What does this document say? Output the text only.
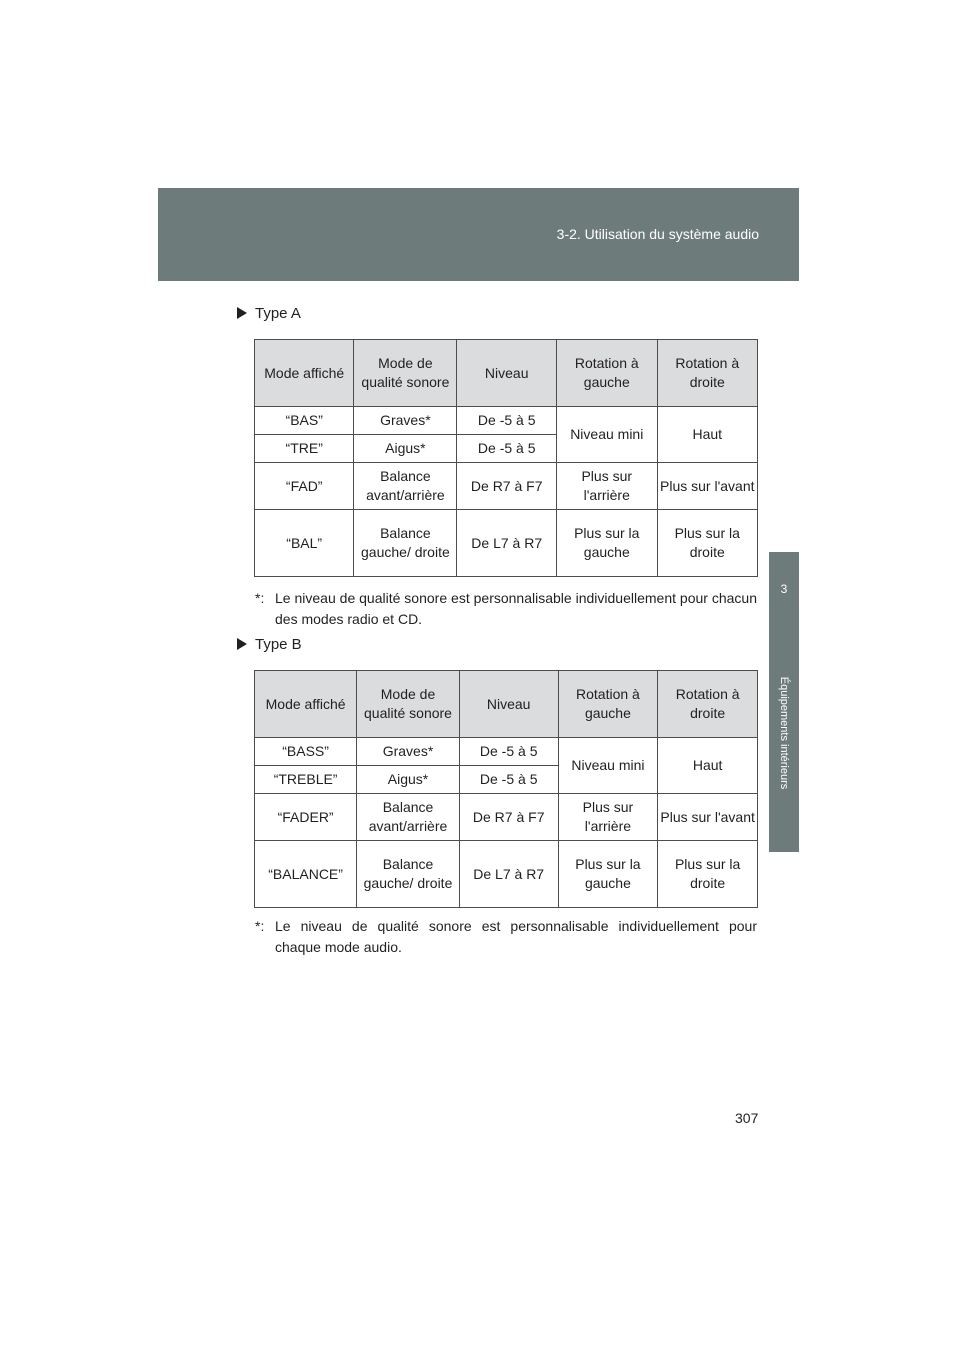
3-2. Utilisation du système audio
3
Équipements intérieurs
Type A
Mode affiché	Mode de qualité sonore	Niveau	Rotation à gauche	Rotation à droite
“BAS”	Graves*	De -5 à 5	Niveau mini	Haut
“TRE”	Aigus*	De -5 à 5		
“FAD”	Balance avant/arrière	De R7 à F7	Plus sur l'arrière	Plus sur l'avant
“BAL”	Balance gauche/ droite	De L7 à R7	Plus sur la gauche	Plus sur la droite
*: Le niveau de qualité sonore est personnalisable individuellement pour chacun des modes radio et CD.
Type B
Mode affiché	Mode de qualité sonore	Niveau	Rotation à gauche	Rotation à droite
“BASS”	Graves*	De -5 à 5	Niveau mini	Haut
“TREBLE”	Aigus*	De -5 à 5		
“FADER”	Balance avant/arrière	De R7 à F7	Plus sur l'arrière	Plus sur l'avant
“BALANCE”	Balance gauche/ droite	De L7 à R7	Plus sur la gauche	Plus sur la droite
*: Le niveau de qualité sonore est personnalisable individuellement pour chaque mode audio.
307
